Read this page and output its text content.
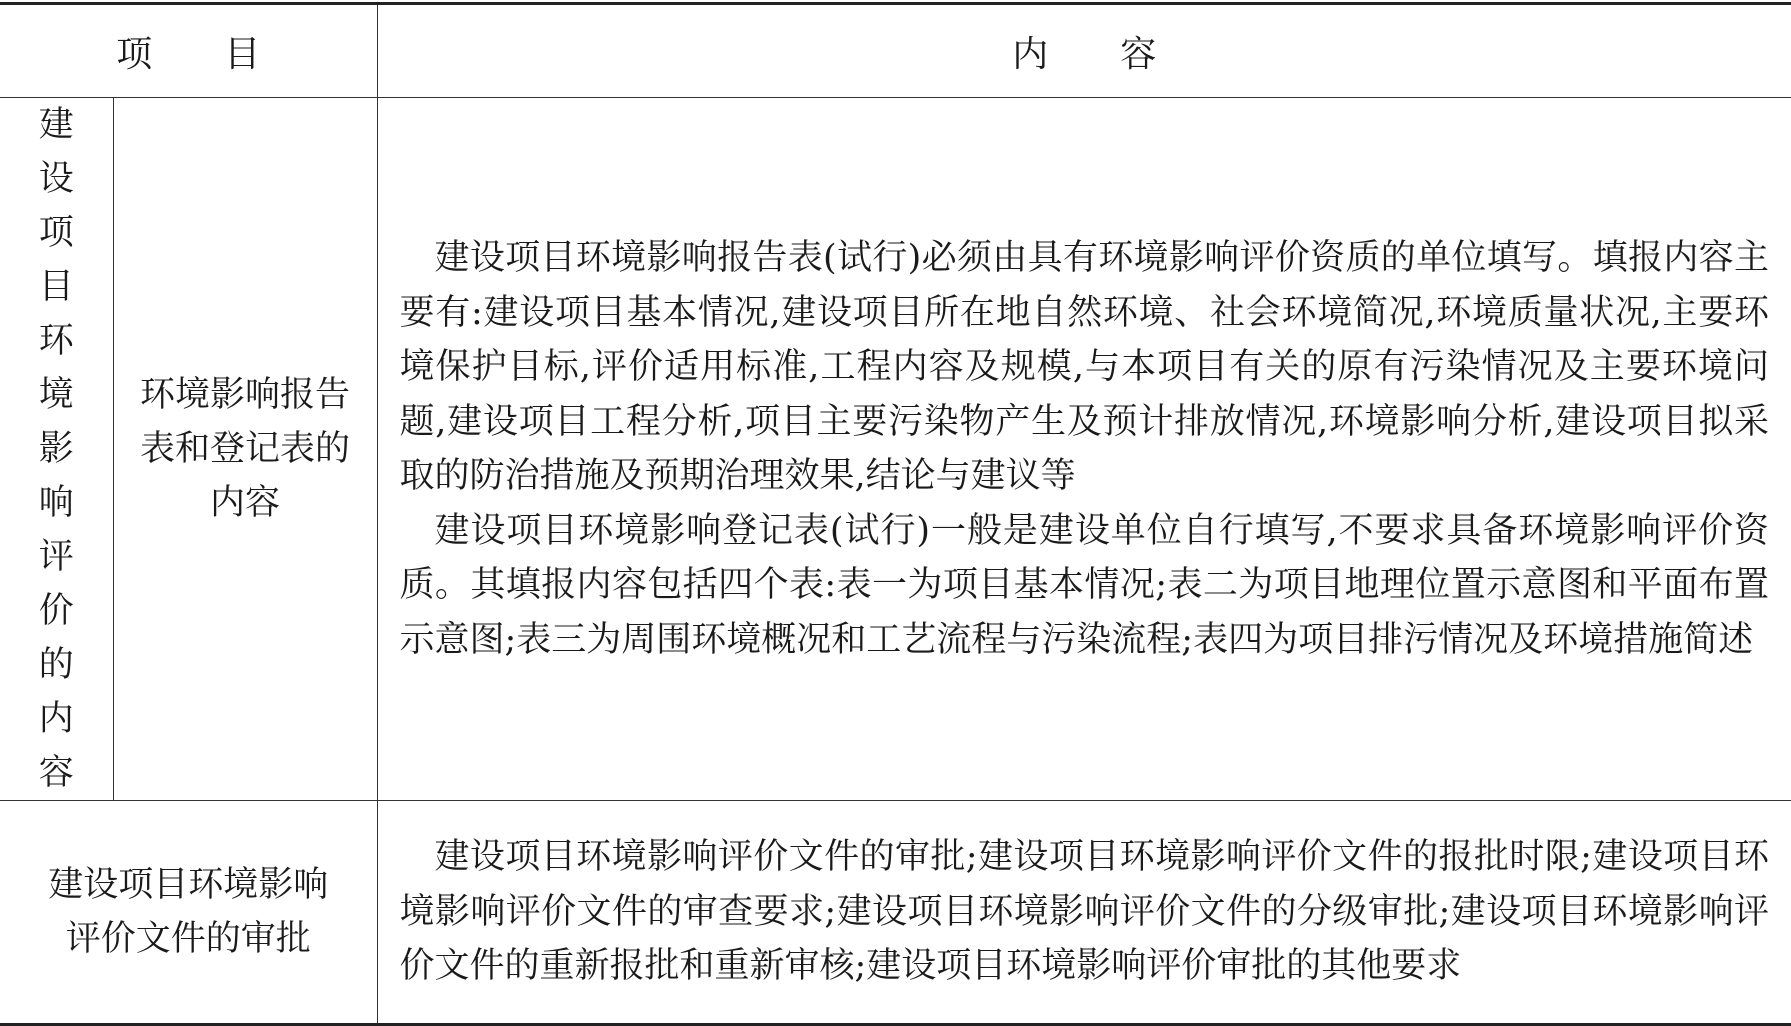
项 目		内 容

建设项目环境影响评价的内容	环境影响报告表和登记表的内容	建设项目环境影响报告表(试行)必须由具有环境影响评价资质的单位填写。填报内容主要有:建设项目基本情况,建设项目所在地自然环境、社会环境简况,环境质量状况,主要环境保护目标,评价适用标准,工程内容及规模,与本项目有关的原有污染情况及主要环境问题,建设项目工程分析,项目主要污染物产生及预计排放情况,环境影响分析,建设项目拟采取的防治措施及预期治理效果,结论与建议等

建设项目环境影响登记表(试行)一般是建设单位自行填写,不要求具备环境影响评价资质。其填报内容包括四个表:表一为项目基本情况;表二为项目地理位置示意图和平面布置示意图;表三为周围环境概况和工艺流程与污染流程;表四为项目排污情况及环境措施简述

建设项目环境影响评价文件的审批		建设项目环境影响评价文件的审批;建设项目环境影响评价文件的报批时限;建设项目环境影响评价文件的审查要求;建设项目环境影响评价文件的分级审批;建设项目环境影响评价文件的重新报批和重新审核;建设项目环境影响评价审批的其他要求
